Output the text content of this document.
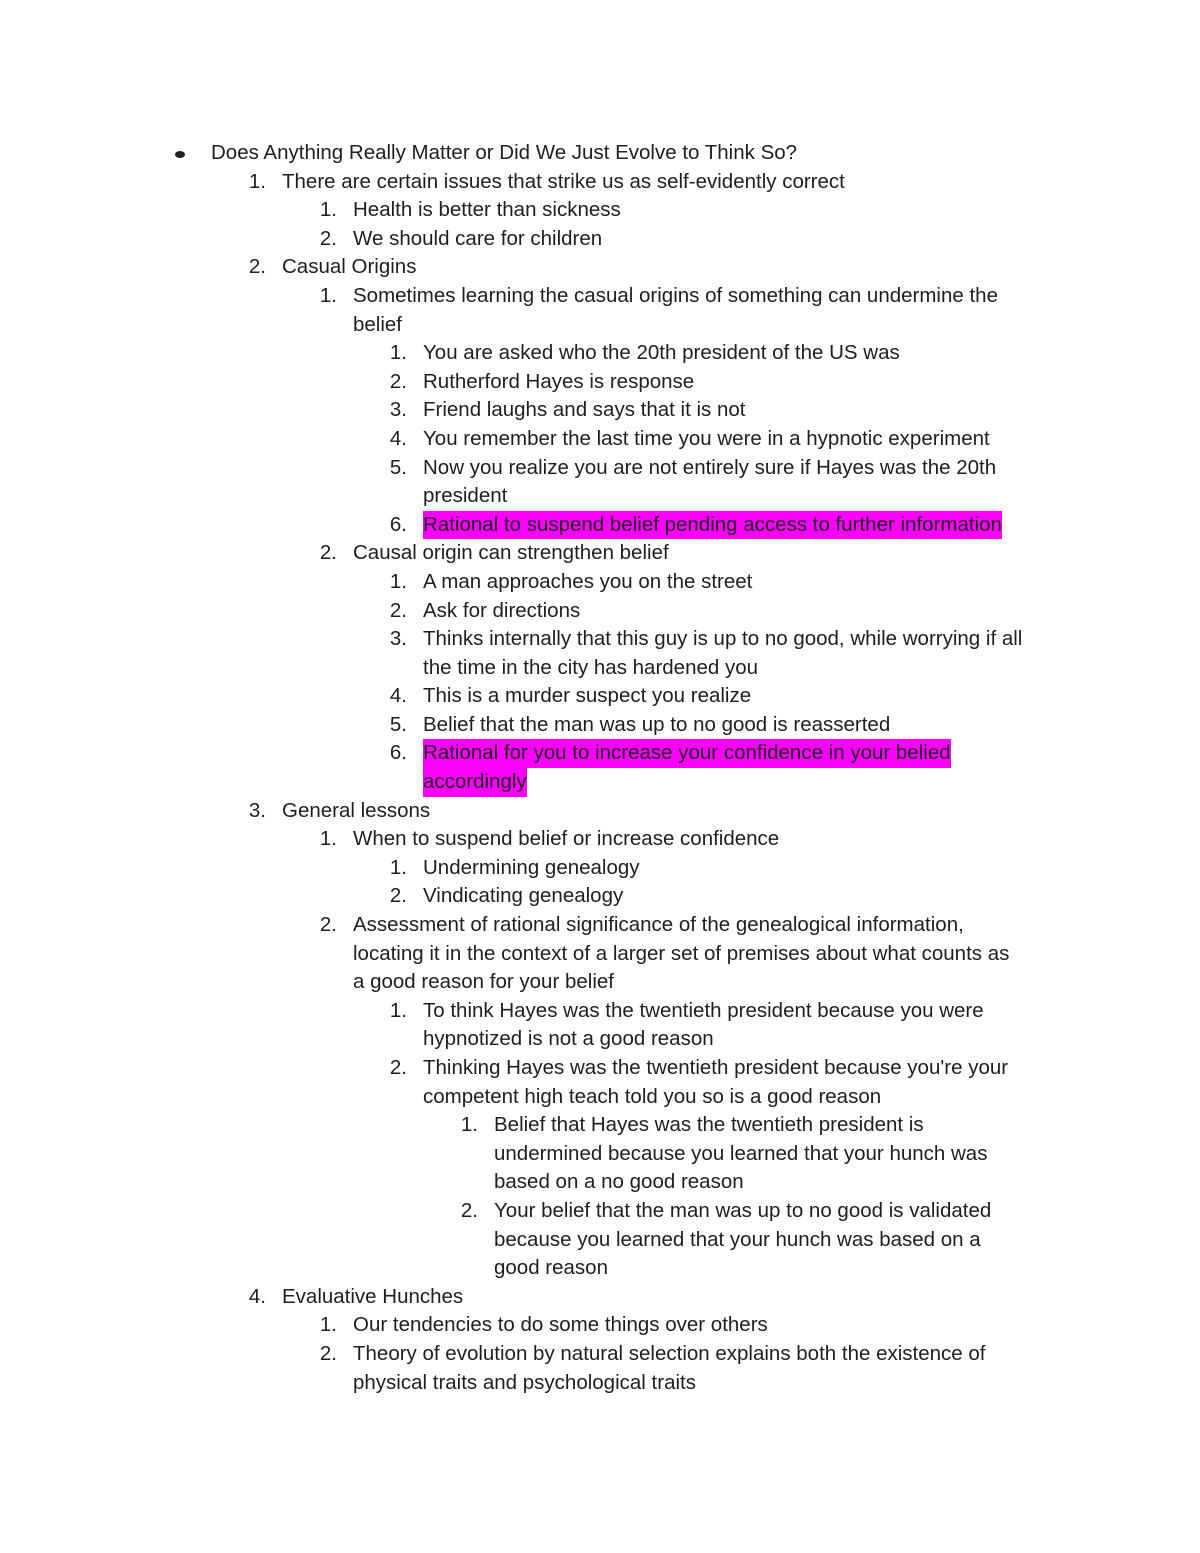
Does Anything Really Matter or Did We Just Evolve to Think So?
1. There are certain issues that strike us as self-evidently correct
1. Health is better than sickness
2. We should care for children
2. Casual Origins
1. Sometimes learning the casual origins of something can undermine the
belief
1. You are asked who the 20th president of the US was
2. Rutherford Hayes is response
3. Friend laughs and says that it is not
4. You remember the last time you were in a hypnotic experiment
5. Now you realize you are not entirely sure if Hayes was the 20th
president
6. Rational to suspend belief pending access to further information
2. Causal origin can strengthen belief
1. A man approaches you on the street
2. Ask for directions
3. Thinks internally that this guy is up to no good, while worrying if all
the time in the city has hardened you
4. This is a murder suspect you realize
5. Belief that the man was up to no good is reasserted
6. Rational for you to increase your confidence in your belied
accordingly
3. General lessons
1. When to suspend belief or increase confidence
1. Undermining genealogy
2. Vindicating genealogy
2. Assessment of rational significance of the genealogical information,
locating it in the context of a larger set of premises about what counts as
a good reason for your belief
1. To think Hayes was the twentieth president because you were
hypnotized is not a good reason
2. Thinking Hayes was the twentieth president because you're your
competent high teach told you so is a good reason
1. Belief that Hayes was the twentieth president is
undermined because you learned that your hunch was
based on a no good reason
2. Your belief that the man was up to no good is validated
because you learned that your hunch was based on a
good reason
4. Evaluative Hunches
1. Our tendencies to do some things over others
2. Theory of evolution by natural selection explains both the existence of
physical traits and psychological traits
